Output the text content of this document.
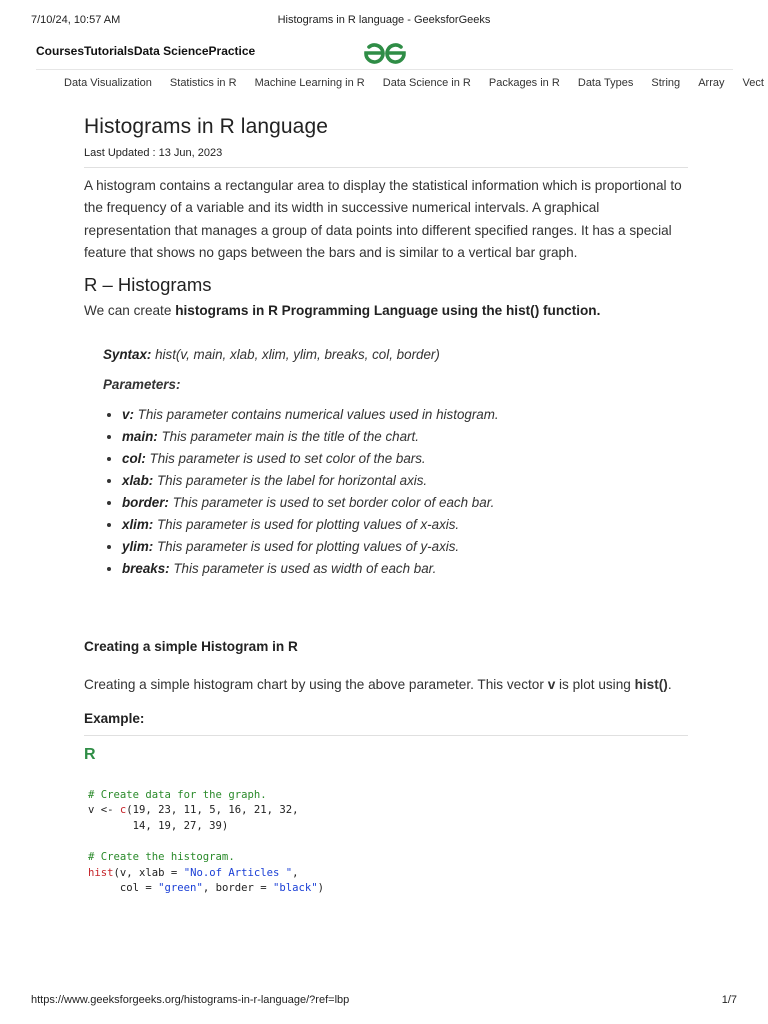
7/10/24, 10:57 AM	Histograms in R language - GeeksforGeeks
CoursesTutorialsData SciencePractice
Data Visualization Statistics in R Machine Learning in R Data Science in R Packages in R Data Types String Array Vect
Histograms in R language
Last Updated : 13 Jun, 2023
A histogram contains a rectangular area to display the statistical information which is proportional to the frequency of a variable and its width in successive numerical intervals. A graphical representation that manages a group of data points into different specified ranges. It has a special feature that shows no gaps between the bars and is similar to a vertical bar graph.
R – Histograms
We can create histograms in R Programming Language using the hist() function.
Syntax: hist(v, main, xlab, xlim, ylim, breaks, col, border)
Parameters:
• v: This parameter contains numerical values used in histogram.
• main: This parameter main is the title of the chart.
• col: This parameter is used to set color of the bars.
• xlab: This parameter is the label for horizontal axis.
• border: This parameter is used to set border color of each bar.
• xlim: This parameter is used for plotting values of x-axis.
• ylim: This parameter is used for plotting values of y-axis.
• breaks: This parameter is used as width of each bar.
Creating a simple Histogram in R
Creating a simple histogram chart by using the above parameter. This vector v is plot using hist().
Example:
R
# Create data for the graph.
v <- c(19, 23, 11, 5, 16, 21, 32,
14, 19, 27, 39)

# Create the histogram.
hist(v, xlab = "No.of Articles ",
col = "green", border = "black")
https://www.geeksforgeeks.org/histograms-in-r-language/?ref=lbp	1/7
